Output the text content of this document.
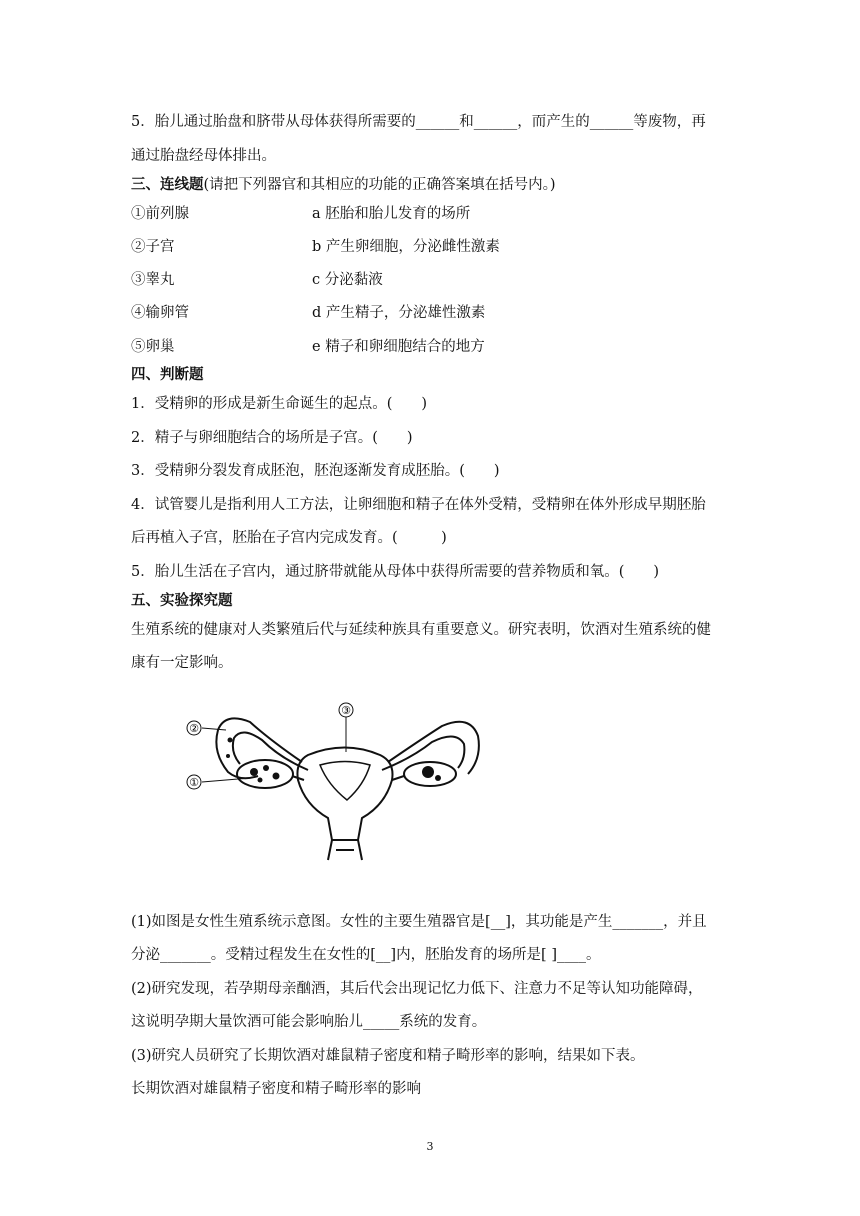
5．胎儿通过胎盘和脐带从母体获得所需要的______和______，而产生的______等废物，再
通过胎盘经母体排出。
三、连线题(请把下列器官和其相应的功能的正确答案填在括号内。)
①前列腺	a 胚胎和胎儿发育的场所
②子宫	b 产生卵细胞，分泌雌性激素
③睾丸	c 分泌黏液
④输卵管	d 产生精子，分泌雄性激素
⑤卵巢	e 精子和卵细胞结合的地方
四、判断题
1．受精卵的形成是新生命诞生的起点。(　　)
2．精子与卵细胞结合的场所是子宫。(　　)
3．受精卵分裂发育成胚泡，胚泡逐渐发育成胚胎。(　　)
4．试管婴儿是指利用人工方法，让卵细胞和精子在体外受精，受精卵在体外形成早期胚胎
后再植入子宫，胚胎在子宫内完成发育。(　　　)
5．胎儿生活在子宫内，通过脐带就能从母体中获得所需要的营养物质和氧。(　　)
五、实验探究题
生殖系统的健康对人类繁殖后代与延续种族具有重要意义。研究表明，饮酒对生殖系统的健
康有一定影响。
①
②
③
(1)如图是女性生殖系统示意图。女性的主要生殖器官是[__]，其功能是产生_______，并且
分泌_______。受精过程发生在女性的[__]内，胚胎发育的场所是[ ]____。
(2)研究发现，若孕期母亲酗酒，其后代会出现记忆力低下、注意力不足等认知功能障碍，
这说明孕期大量饮酒可能会影响胎儿_____系统的发育。
(3)研究人员研究了长期饮酒对雄鼠精子密度和精子畸形率的影响，结果如下表。
长期饮酒对雄鼠精子密度和精子畸形率的影响
3
